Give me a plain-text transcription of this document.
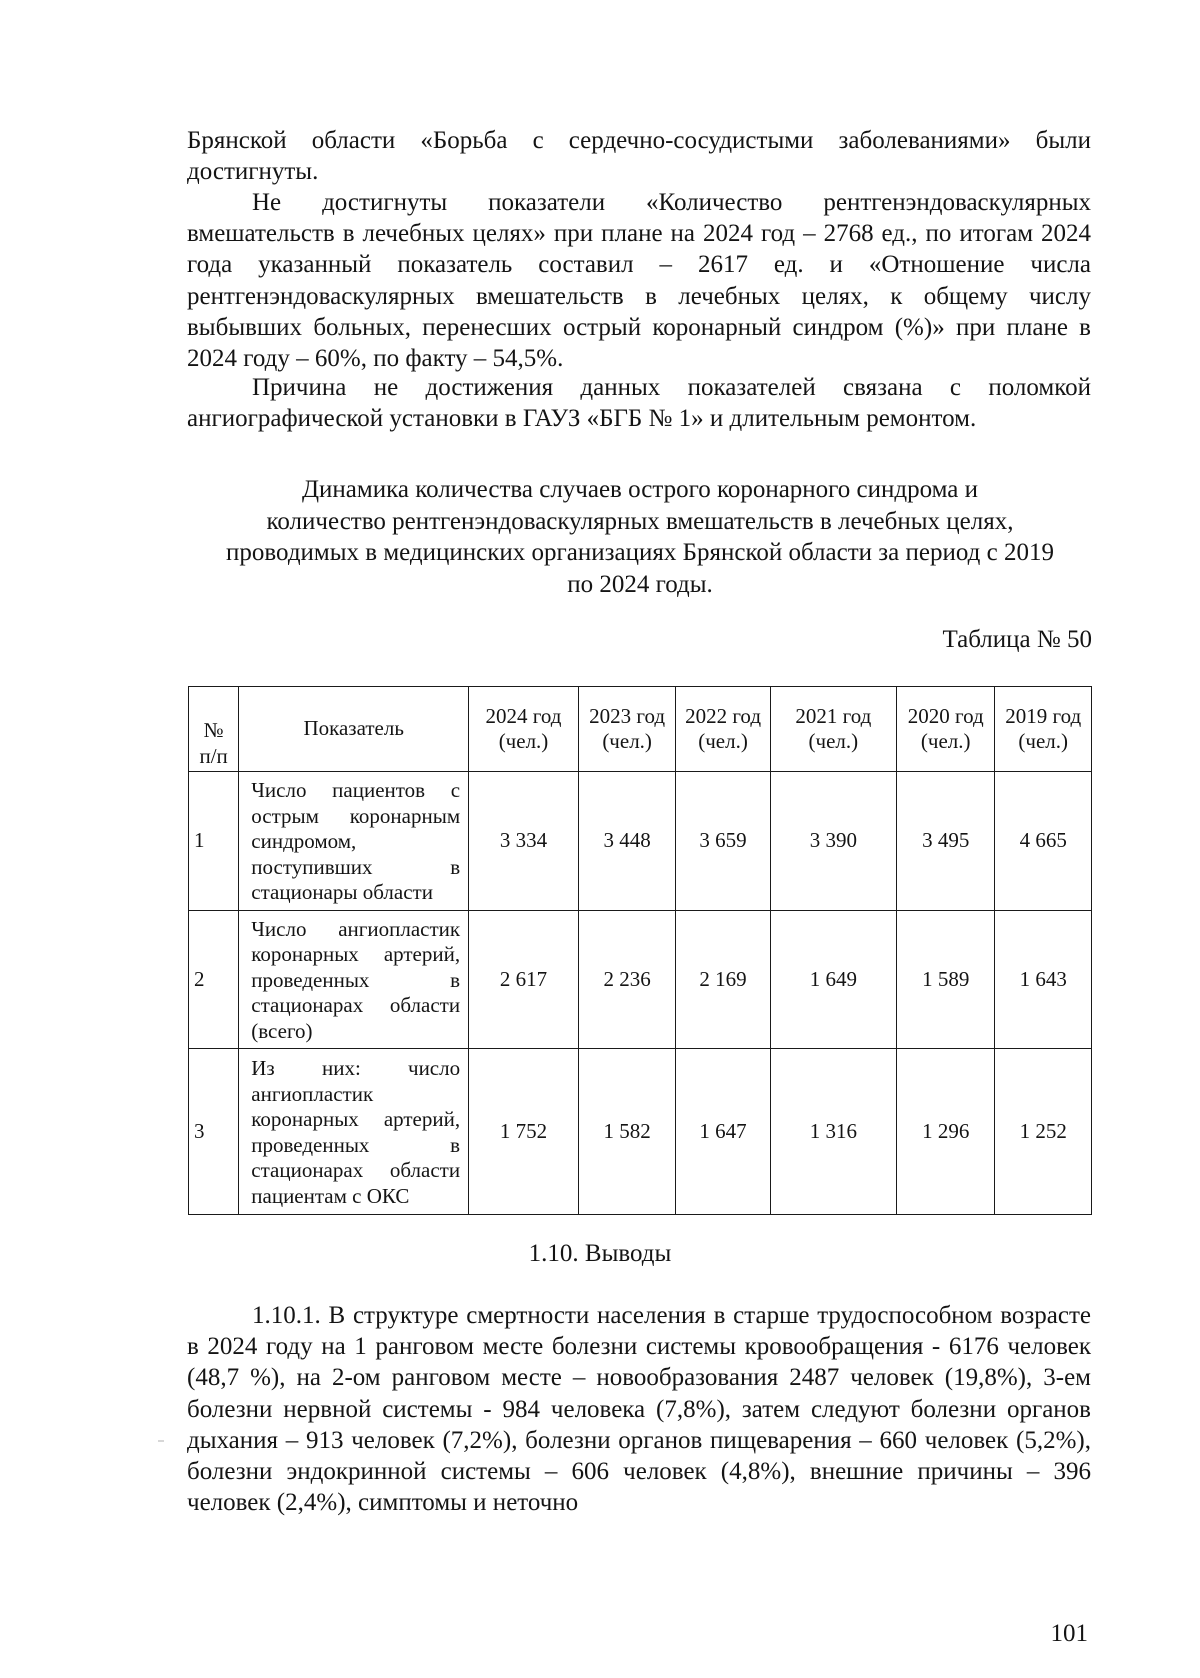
Брянской области «Борьба с сердечно-сосудистыми заболеваниями» были достигнуты.

Не достигнуты показатели «Количество рентгенэндоваскулярных вмешательств в лечебных целях» при плане на 2024 год – 2768 ед., по итогам 2024 года указанный показатель составил – 2617 ед. и «Отношение числа рентгенэндоваскулярных вмешательств в лечебных целях, к общему числу выбывших больных, перенесших острый коронарный синдром (%)» при плане в 2024 году – 60%, по факту – 54,5%.

Причина не достижения данных показателей связана с поломкой ангиографической установки в ГАУЗ «БГБ № 1» и длительным ремонтом.

Динамика количества случаев острого коронарного синдрома и
количество рентгенэндоваскулярных вмешательств в лечебных целях,
проводимых в медицинских организациях Брянской области за период с 2019
по 2024 годы.

Таблица № 50

№ п/п	Показатель	2024 год (чел.)	2023 год (чел.)	2022 год (чел.)	2021 год (чел.)	2020 год (чел.)	2019 год (чел.)
1	Число пациентов с острым коронарным синдромом, поступивших в стационары области	3 334	3 448	3 659	3 390	3 495	4 665
2	Число ангиопластик коронарных артерий, проведенных в стационарах области (всего)	2 617	2 236	2 169	1 649	1 589	1 643
3	Из них: число ангиопластик коронарных артерий, проведенных в стационарах области пациентам с ОКС	1 752	1 582	1 647	1 316	1 296	1 252

1.10. Выводы

1.10.1. В структуре смертности населения в старше трудоспособном возрасте в 2024 году на 1 ранговом месте болезни системы кровообращения - 6176 человек (48,7 %), на 2-ом ранговом месте – новообразования 2487 человек (19,8%), 3-ем болезни нервной системы - 984 человека (7,8%), затем следуют болезни органов дыхания – 913 человек (7,2%), болезни органов пищеварения – 660 человек (5,2%), болезни эндокринной системы – 606 человек (4,8%), внешние причины – 396 человек (2,4%), симптомы и неточно

101
